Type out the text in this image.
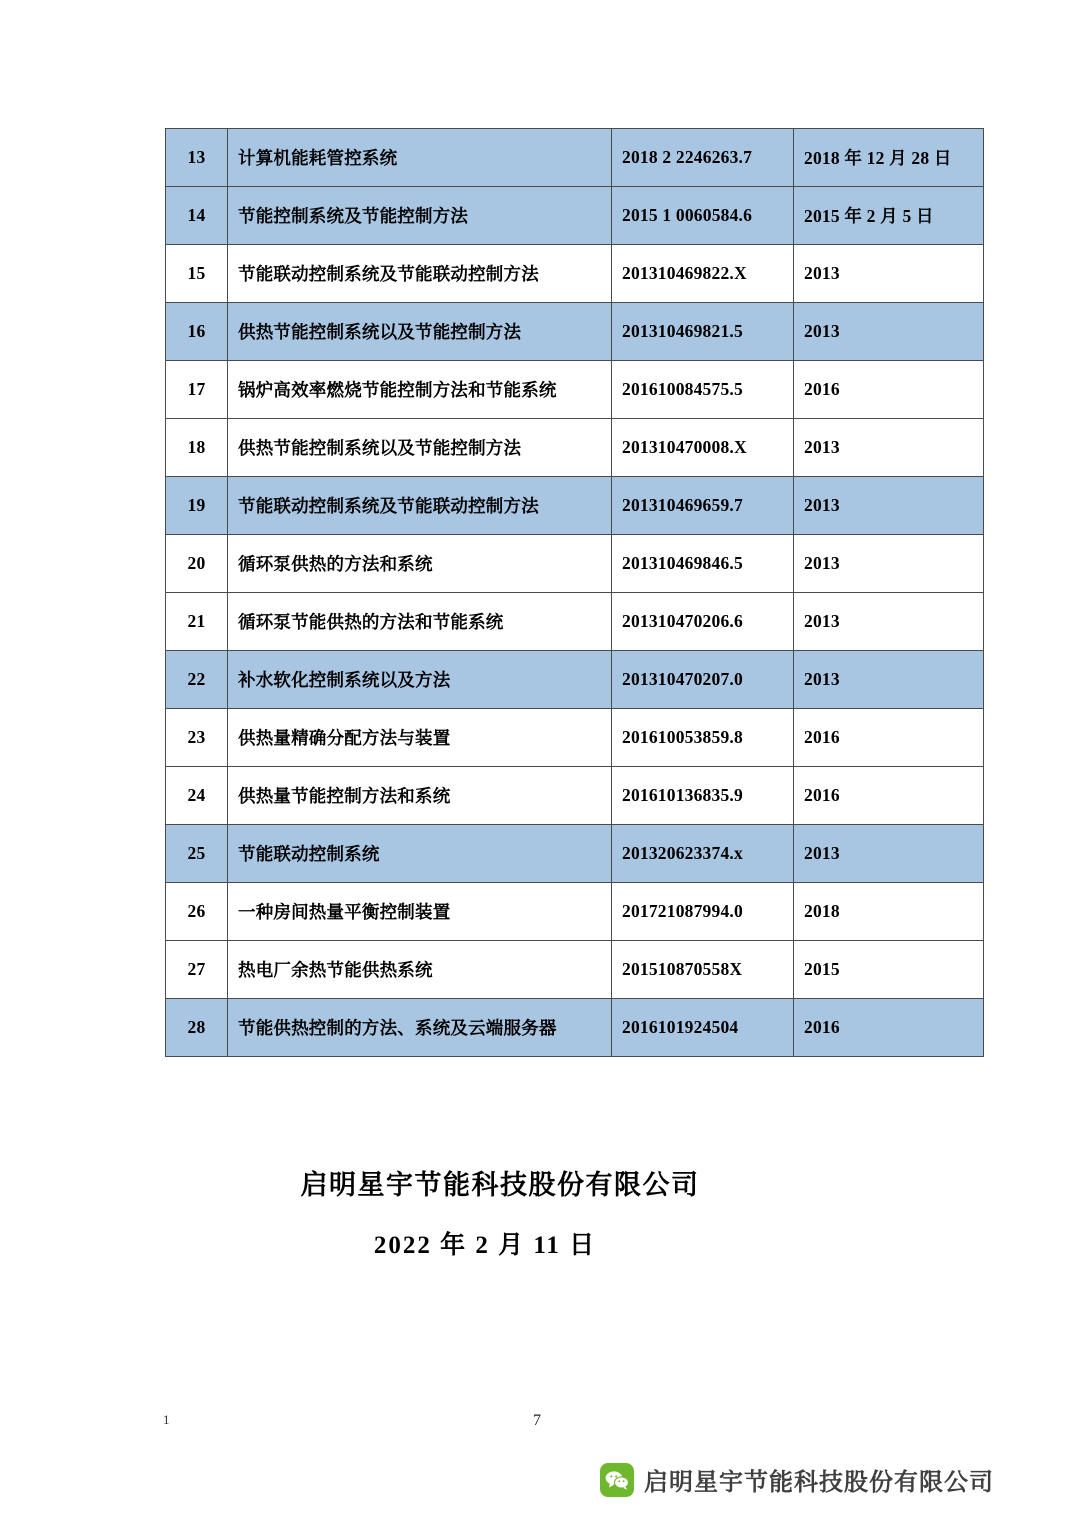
13	计算机能耗管控系统	2018 2 2246263.7	2018 年 12 月 28 日
14	节能控制系统及节能控制方法	2015 1 0060584.6	2015 年 2 月 5 日
15	节能联动控制系统及节能联动控制方法	201310469822.X	2013
16	供热节能控制系统以及节能控制方法	201310469821.5	2013
17	锅炉高效率燃烧节能控制方法和节能系统	201610084575.5	2016
18	供热节能控制系统以及节能控制方法	201310470008.X	2013
19	节能联动控制系统及节能联动控制方法	201310469659.7	2013
20	循环泵供热的方法和系统	201310469846.5	2013
21	循环泵节能供热的方法和节能系统	201310470206.6	2013
22	补水软化控制系统以及方法	201310470207.0	2013
23	供热量精确分配方法与装置	201610053859.8	2016
24	供热量节能控制方法和系统	201610136835.9	2016
25	节能联动控制系统	201320623374.x	2013
26	一种房间热量平衡控制装置	201721087994.0	2018
27	热电厂余热节能供热系统	201510870558X	2015
28	节能供热控制的方法、系统及云端服务器	2016101924504	2016
启明星宇节能科技股份有限公司
2022 年 2 月 11 日
1	7
启明星宇节能科技股份有限公司
